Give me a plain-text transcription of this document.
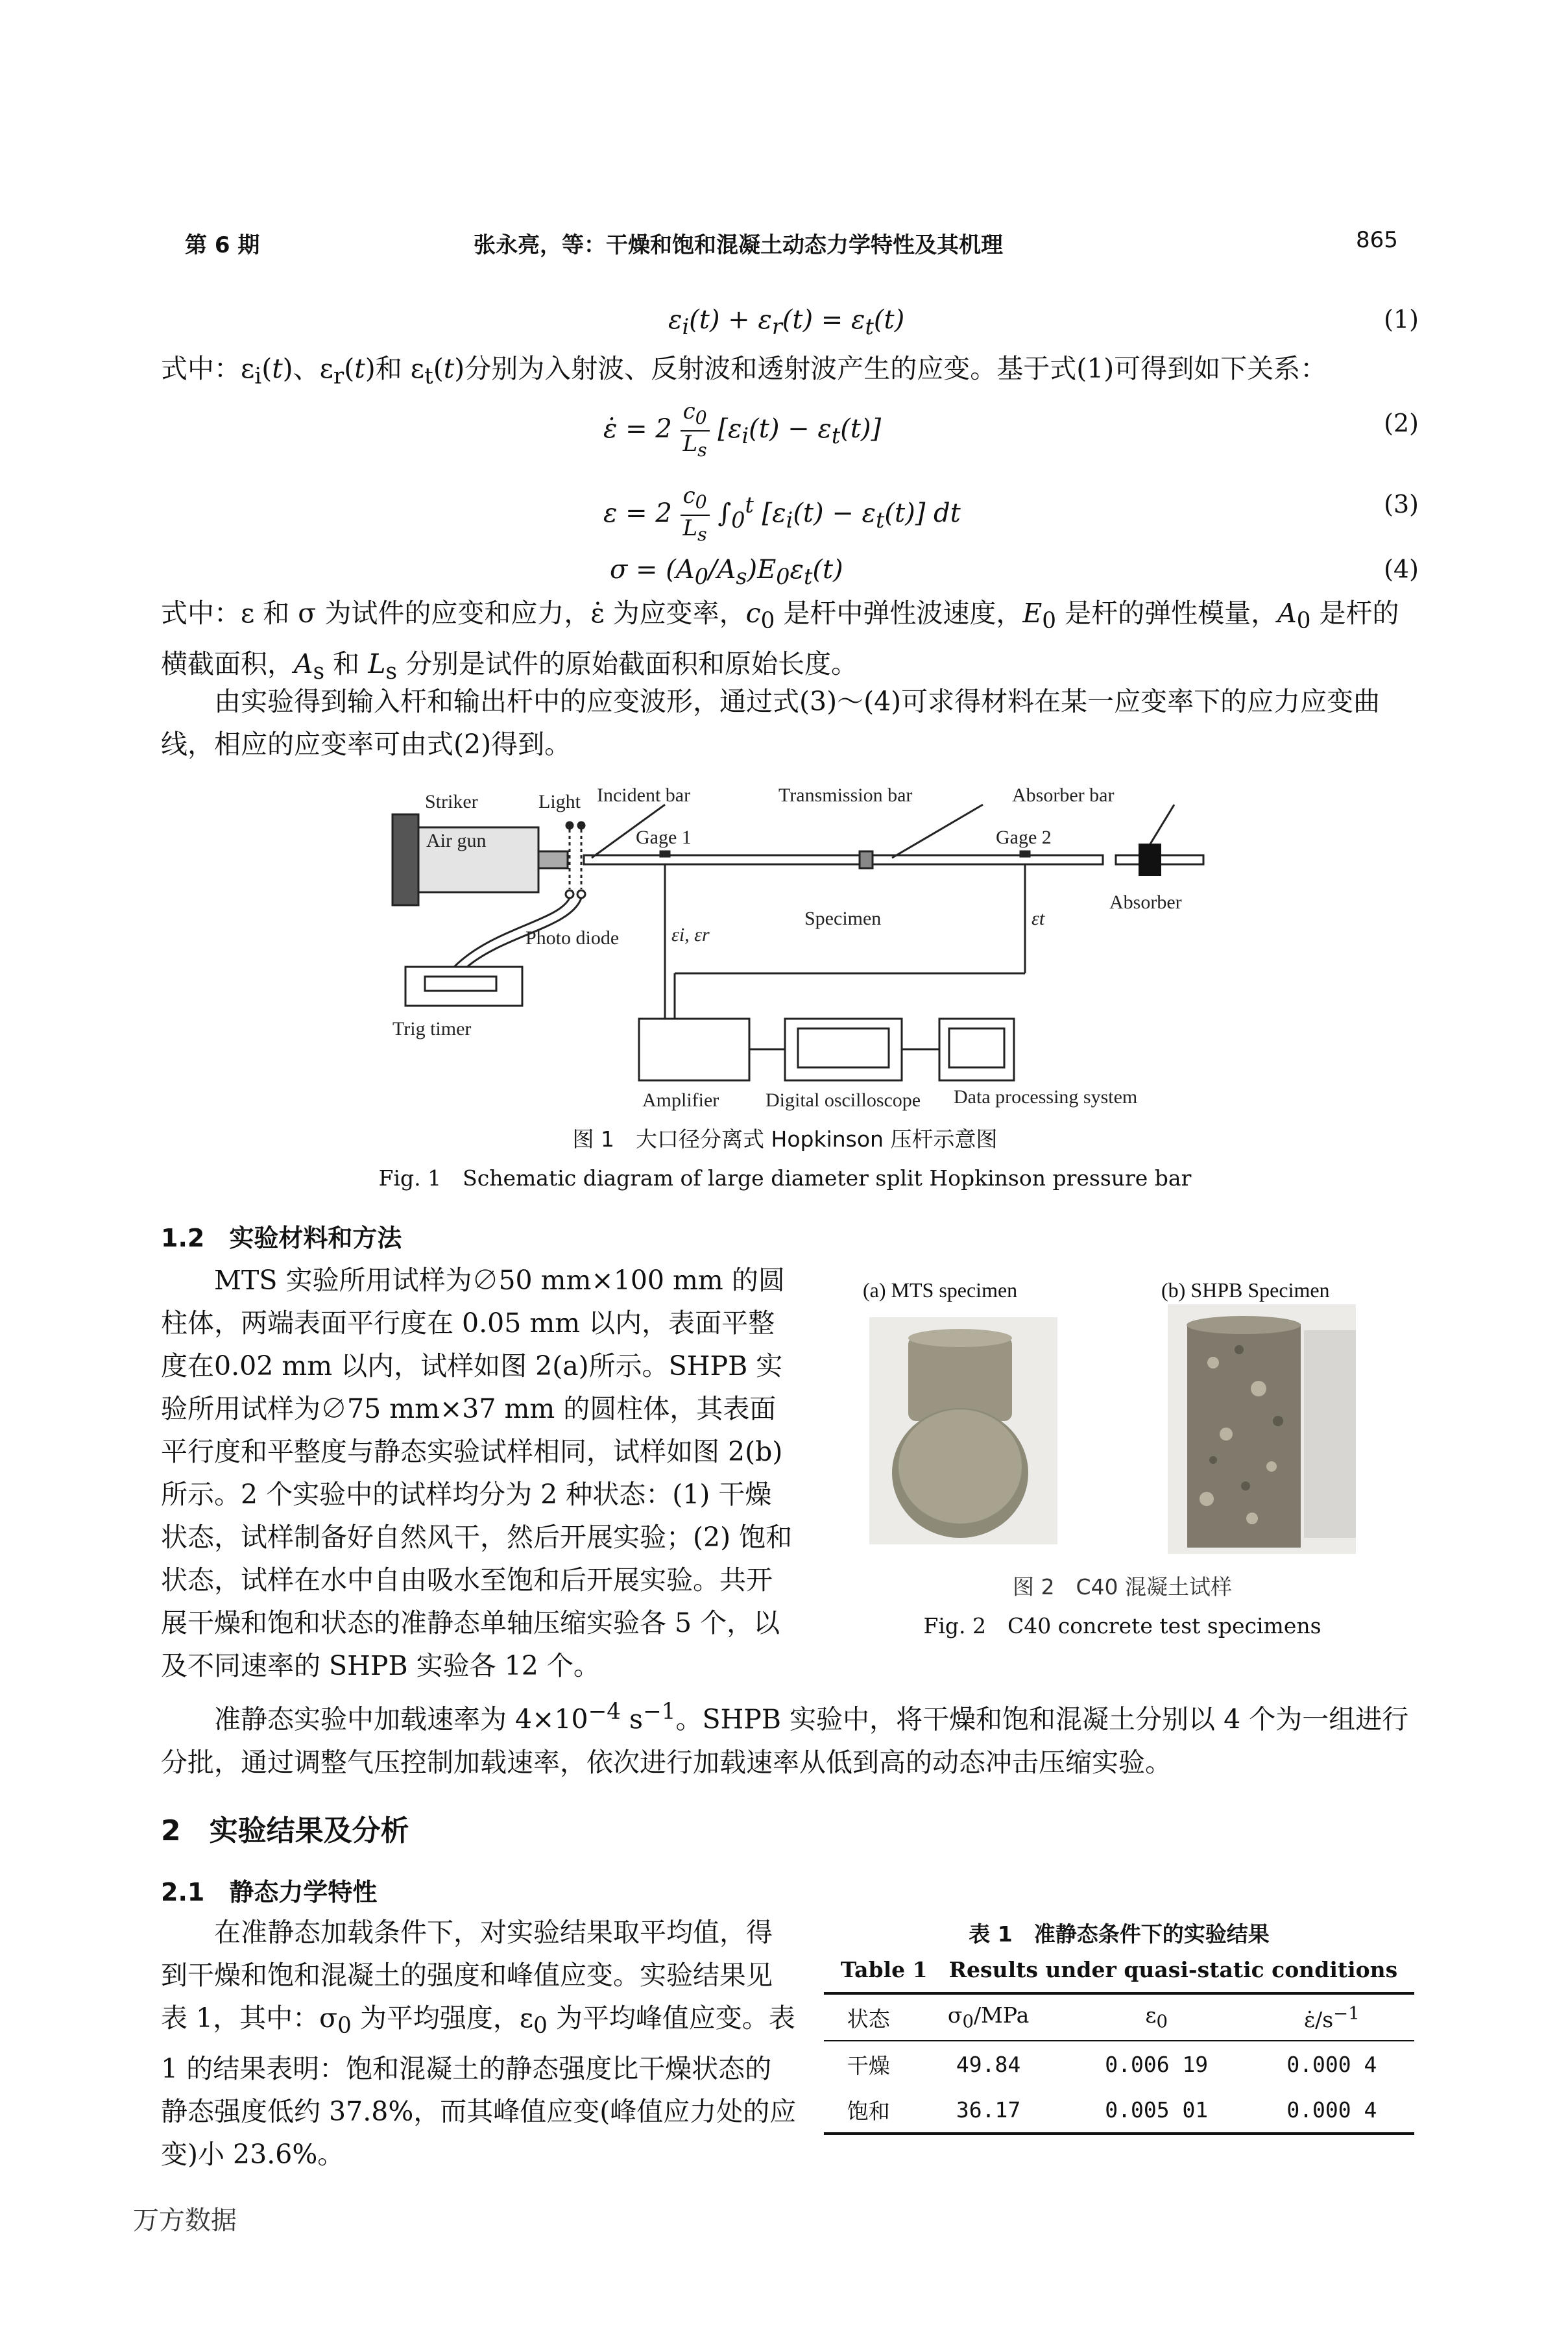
第 6 期	张永亮，等：干燥和饱和混凝土动态力学特性及其机理	865
$\varepsilon_i(t) + \varepsilon_r(t) = \varepsilon_t(t)$	(1)
式中：$\varepsilon_i(t)$、$\varepsilon_r(t)$和 $\varepsilon_t(t)$分别为入射波、反射波和透射波产生的应变。基于式(1)可得到如下关系：
ε̇ = $2 \frac{c_0}{L_s} [\varepsilon_i(t) - \varepsilon_t(t)]$	(2)
$\varepsilon = 2 \frac{c_0}{L_s} \int_0^t$ $[\varepsilon_i(t) - \varepsilon_t(t)]$ dt	(3)
$\sigma = (A_0/A_s)E_0\varepsilon_t(t)$	(4)
式中：ε 和 σ 为试件的应变和应力，ε̇ 为应变率，$c_0$ 是杆中弹性波速度，$E_0$ 是杆的弹性模量，$A_0$ 是杆的横截面积，$A_s$ 和 $L_s$ 分别是试件的原始截面积和原始长度。
由实验得到输入杆和输出杆中的应变波形，通过式(3)～(4)可求得材料在某一应变率下的应力应变曲线，相应的应变率可由式(2)得到。
Striker	Light Incident bar	Transmission bar	Absorber bar
Air gun	Gage 1	Gage 2
Specimen
Absorber
Photo diode	εi, εr
εt
Trig timer
Amplifier Digital oscilloscope Data processing system
图 1　大口径分离式 Hopkinson 压杆示意图
Fig. 1　Schematic diagram of large diameter split Hopkinson pressure bar
1.2　实验材料和方法
MTS 实验所用试样为∅50 mm×100 mm 的圆柱体，两端表面平行度在 0.05 mm 以内，表面平整度在0.02 mm 以内，试样如图 2(a)所示。SHPB 实验所用试样为∅75 mm×37 mm 的圆柱体，其表面平行度和平整度与静态实验试样相同，试样如图 2(b)所示。2 个实验中的试样均分为 2 种状态：(1) 干燥状态，试样制备好自然风干，然后开展实验；(2) 饱和状态，试样在水中自由吸水至饱和后开展实验。共开展干燥和饱和状态的准静态单轴压缩实验各 5 个，以及不同速率的 SHPB 实验各 12 个。
(a) MTS specimen	(b) SHPB Specimen
图 2　C40 混凝土试样
Fig. 2　C40 concrete test specimens
准静态实验中加载速率为 $4\times 10^{-4}$ $s^{-1}$。SHPB 实验中，将干燥和饱和混凝土分别以 4 个为一组进行分批，通过调整气压控制加载速率，依次进行加载速率从低到高的动态冲击压缩实验。
2　实验结果及分析
2.1　静态力学特性
在准静态加载条件下，对实验结果取平均值，得到干燥和饱和混凝土的强度和峰值应变。实验结果见表 1，其中：$\sigma_0$ 为平均强度，$\varepsilon_0$ 为平均峰值应变。表 1 的结果表明：饱和混凝土的静态强度比干燥状态的静态强度低约 37.8%，而其峰值应变(峰值应力处的应变)小 23.6%。
表 1　准静态条件下的实验结果
Table 1　Results under quasi-static conditions
状态	$\sigma_0$/MPa	$\varepsilon_0$	$\varepsiloṅ/s^{-1}$
干燥	49.84	0.006 19	0.000 4
饱和	36.17	0.005 01	0.000 4
万方数据
